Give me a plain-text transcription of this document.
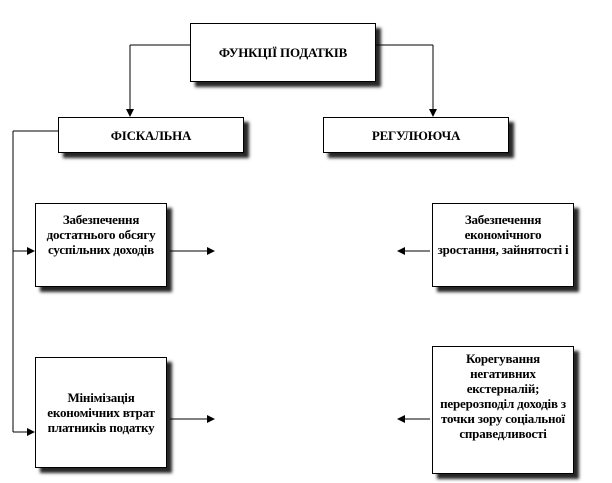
ФУНКЦІЇ ПОДАТКІВ
ФІСКАЛЬНА	РЕГУЛЮЮЧА
Забезпечення достатнього обсягу суспільних доходів
Мінімізація економічних втрат платників податку
Забезпечення економічного зростання, зайнятості і
Корегування негативних екстерналій; перерозподіл доходів з точки зору соціальної справедливості
